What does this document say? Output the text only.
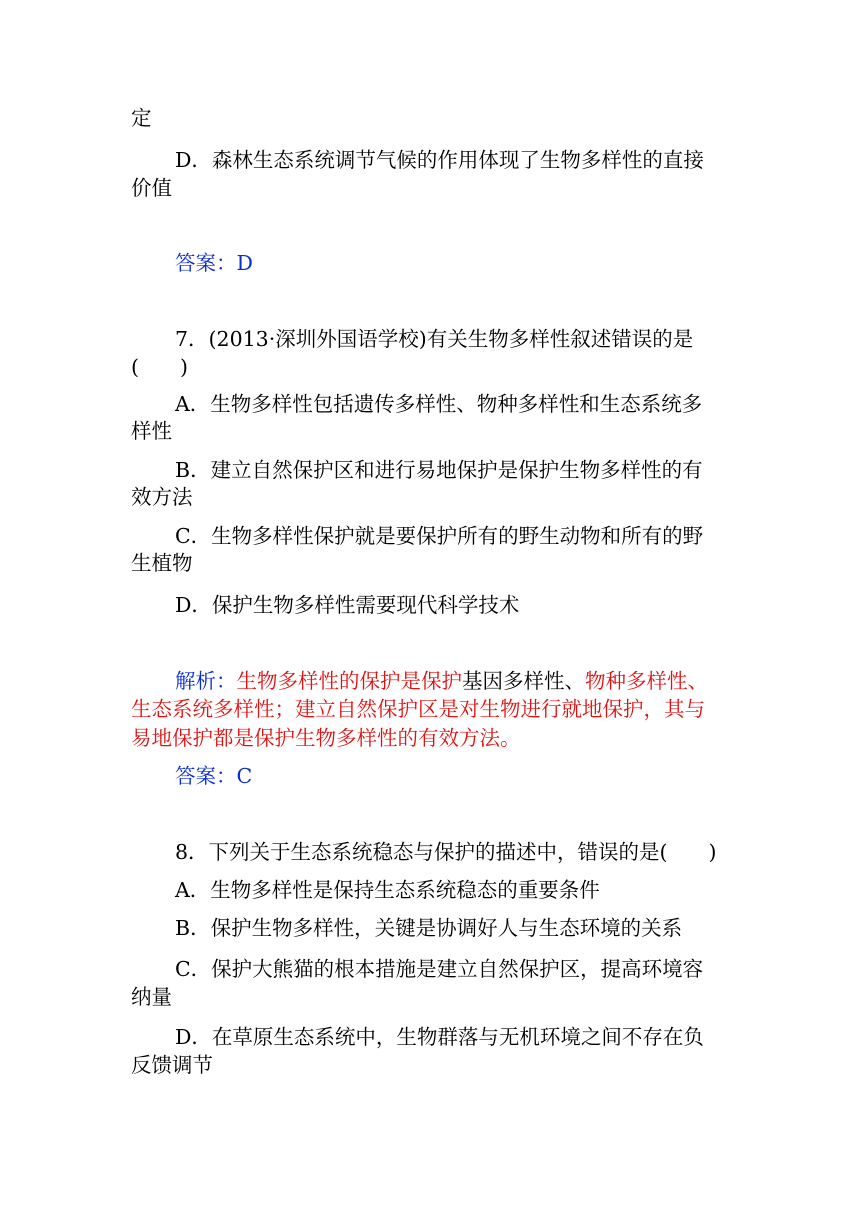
定
D．森林生态系统调节气候的作用体现了生物多样性的直接
价值
答案：D
7．(2013·深圳外国语学校)有关生物多样性叙述错误的是
(　　)
A．生物多样性包括遗传多样性、物种多样性和生态系统多
样性
B．建立自然保护区和进行易地保护是保护生物多样性的有
效方法
C．生物多样性保护就是要保护所有的野生动物和所有的野
生植物
D．保护生物多样性需要现代科学技术
解析：生物多样性的保护是保护基因多样性、物种多样性、
生态系统多样性；建立自然保护区是对生物进行就地保护，其与
易地保护都是保护生物多样性的有效方法。
答案：C
8．下列关于生态系统稳态与保护的描述中，错误的是(　　)
A．生物多样性是保持生态系统稳态的重要条件
B．保护生物多样性，关键是协调好人与生态环境的关系
C．保护大熊猫的根本措施是建立自然保护区，提高环境容
纳量
D．在草原生态系统中，生物群落与无机环境之间不存在负
反馈调节
